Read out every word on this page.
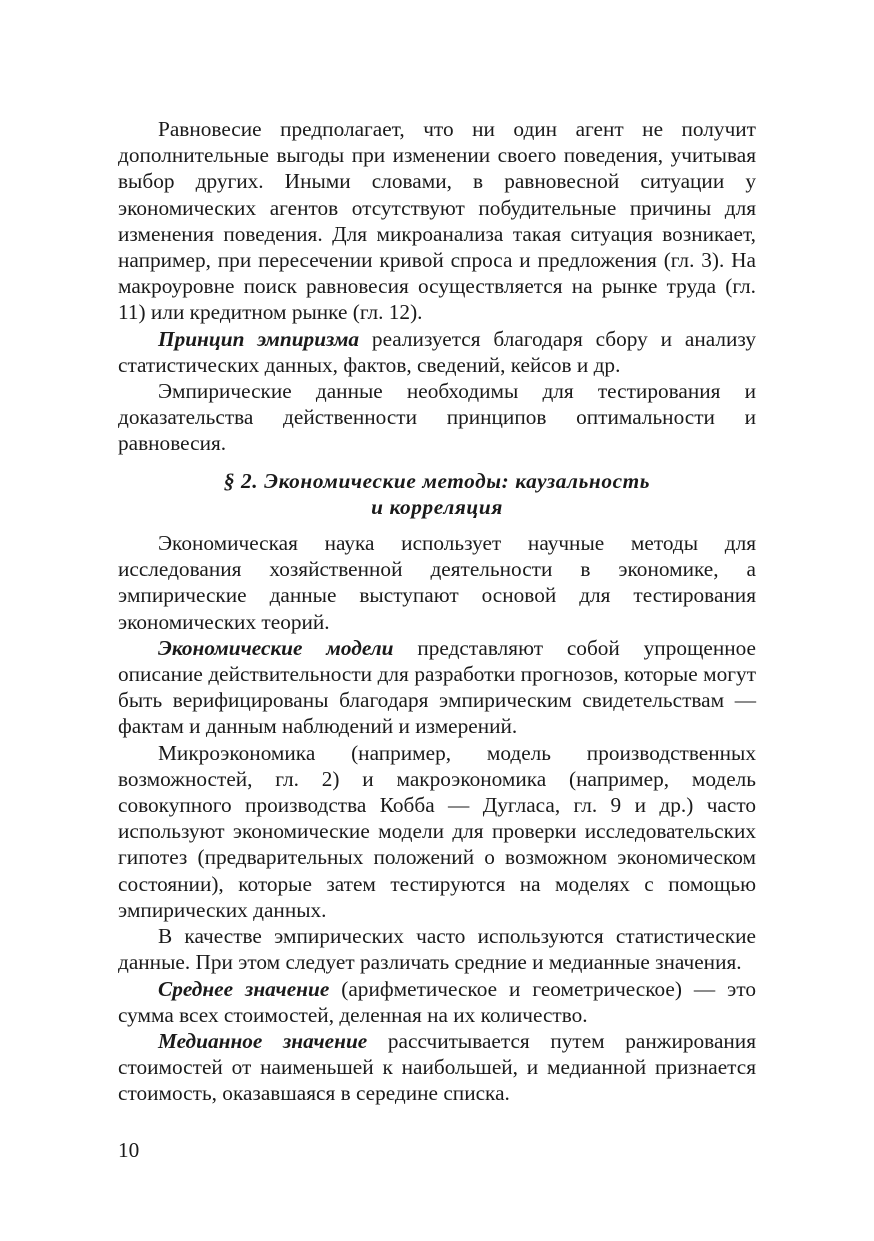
Равновесие предполагает, что ни один агент не получит дополнительные выгоды при изменении своего поведения, учитывая выбор других. Иными словами, в равновесной ситуации у экономических агентов отсутствуют побудительные причины для изменения поведения. Для микроанализа такая ситуация возникает, например, при пересечении кривой спроса и предложения (гл. 3). На макроуровне поиск равновесия осуществляется на рынке труда (гл. 11) или кредитном рынке (гл. 12).

Принцип эмпиризма реализуется благодаря сбору и анализу статистических данных, фактов, сведений, кейсов и др.

Эмпирические данные необходимы для тестирования и доказательства действенности принципов оптимальности и равновесия.

§ 2. Экономические методы: каузальность
и корреляция

Экономическая наука использует научные методы для исследования хозяйственной деятельности в экономике, а эмпирические данные выступают основой для тестирования экономических теорий.

Экономические модели представляют собой упрощенное описание действительности для разработки прогнозов, которые могут быть верифицированы благодаря эмпирическим свидетельствам — фактам и данным наблюдений и измерений.

Микроэкономика (например, модель производственных возможностей, гл. 2) и макроэкономика (например, модель совокупного производства Кобба — Дугласа, гл. 9 и др.) часто используют экономические модели для проверки исследовательских гипотез (предварительных положений о возможном экономическом состоянии), которые затем тестируются на моделях с помощью эмпирических данных.

В качестве эмпирических часто используются статистические данные. При этом следует различать средние и медианные значения.

Среднее значение (арифметическое и геометрическое) — это сумма всех стоимостей, деленная на их количество.

Медианное значение рассчитывается путем ранжирования стоимостей от наименьшей к наибольшей, и медианной признается стоимость, оказавшаяся в середине списка.

10
